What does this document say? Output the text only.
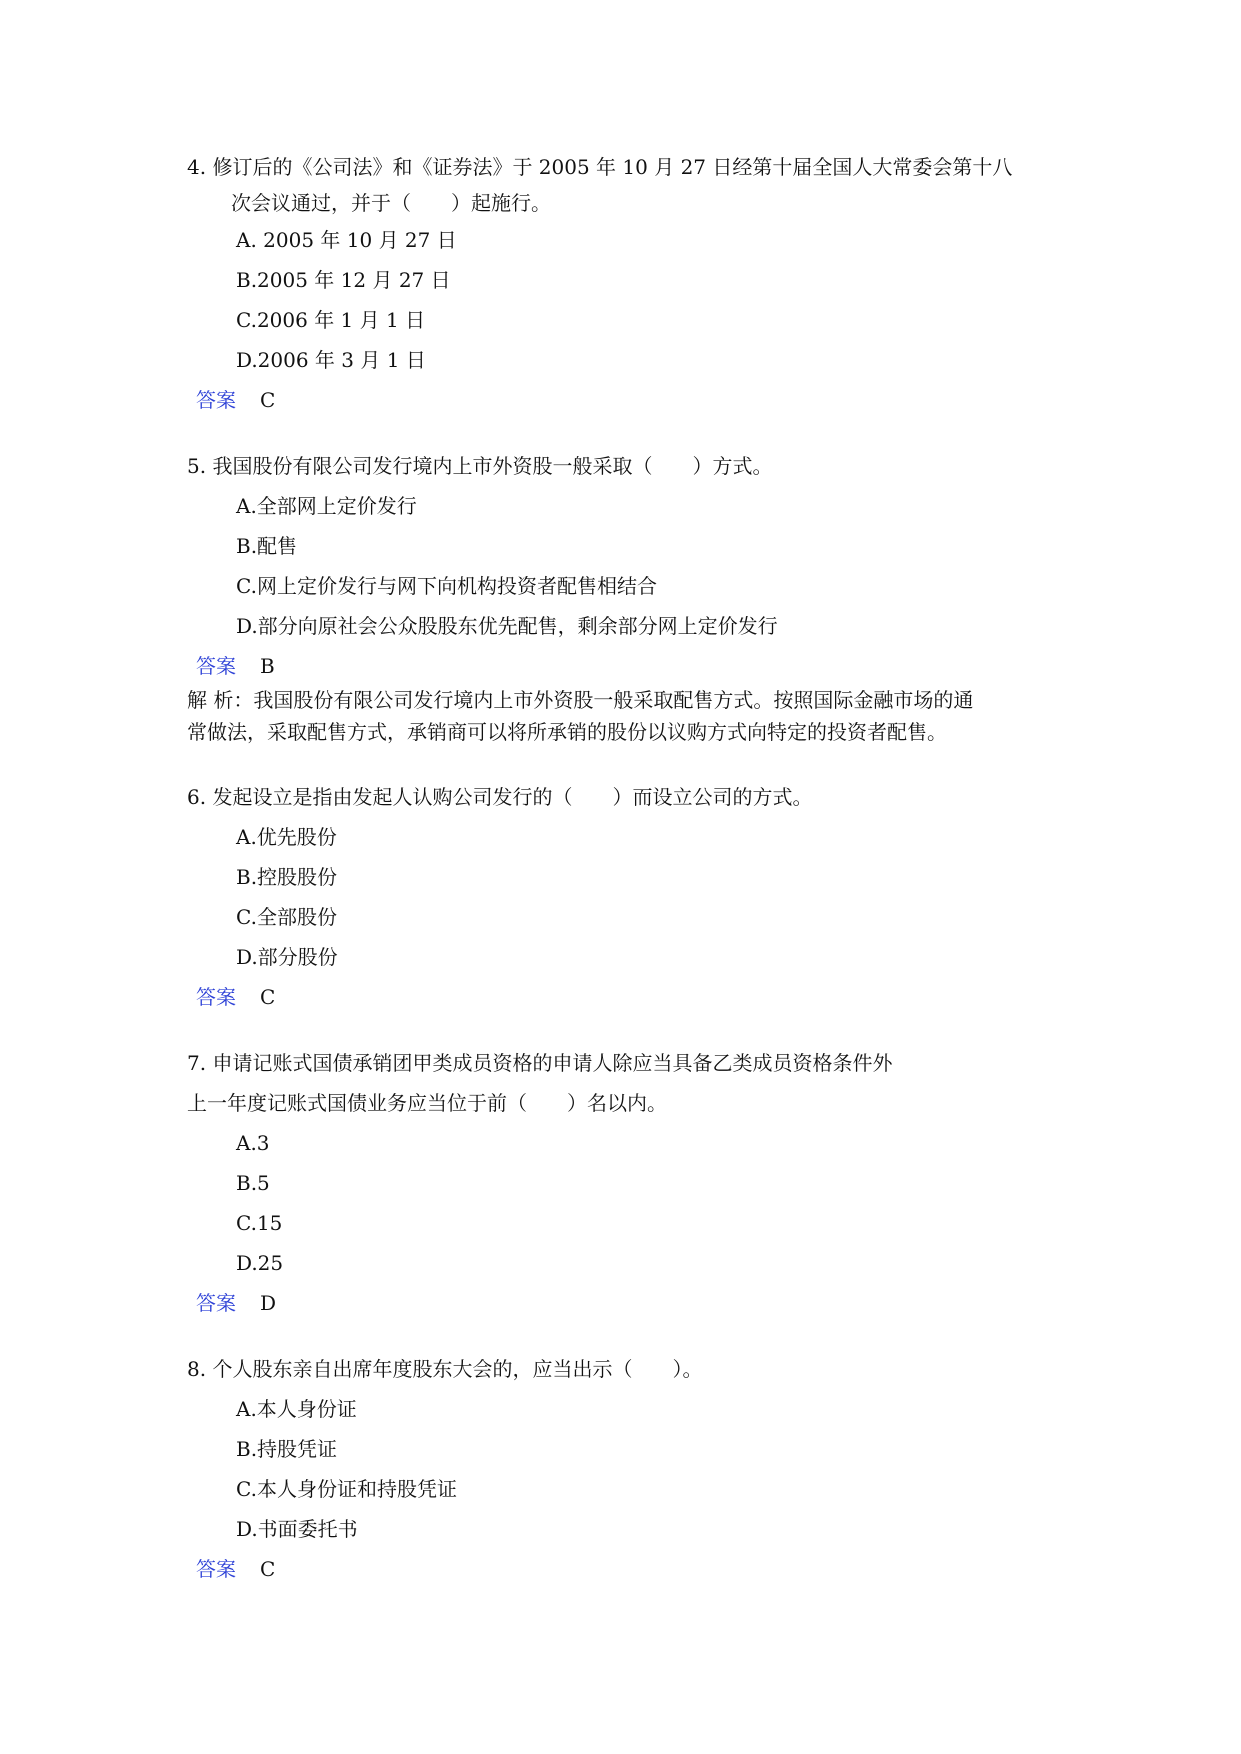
4. 修订后的《公司法》和《证券法》于 2005 年 10 月 27 日经第十届全国人大常委会第十八
次会议通过，并于（　　）起施行。
A. 2005 年 10 月 27 日
B.2005 年 12 月 27 日
C.2006 年 1 月 1 日
D.2006 年 3 月 1 日
答案 C
5. 我国股份有限公司发行境内上市外资股一般采取（　　）方式。
A.全部网上定价发行
B.配售
C.网上定价发行与网下向机构投资者配售相结合
D.部分向原社会公众股股东优先配售，剩余部分网上定价发行
答案 B
解 析：我国股份有限公司发行境内上市外资股一般采取配售方式。按照国际金融市场的通
常做法，采取配售方式，承销商可以将所承销的股份以议购方式向特定的投资者配售。
6. 发起设立是指由发起人认购公司发行的（　　）而设立公司的方式。
A.优先股份
B.控股股份
C.全部股份
D.部分股份
答案 C
7. 申请记账式国债承销团甲类成员资格的申请人除应当具备乙类成员资格条件外
上一年度记账式国债业务应当位于前（　　）名以内。
A.3
B.5
C.15
D.25
答案 D
8. 个人股东亲自出席年度股东大会的，应当出示（　　）。
A.本人身份证
B.持股凭证
C.本人身份证和持股凭证
D.书面委托书
答案 C
